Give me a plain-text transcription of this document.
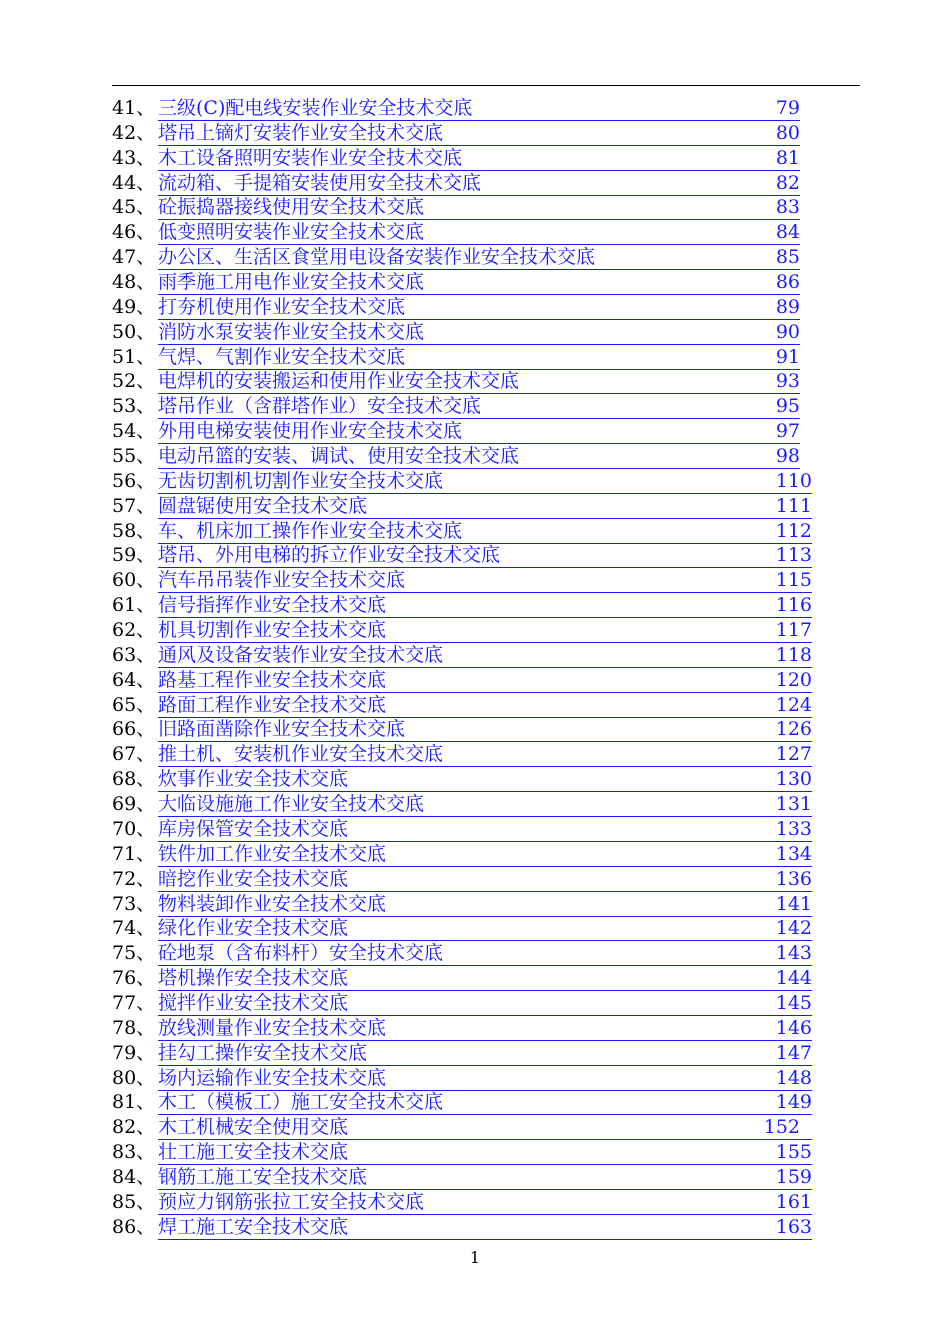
41、 三级(C)配电线安装作业安全技术交底	79
42、 塔吊上镝灯安装作业安全技术交底	80
43、 木工设备照明安装作业安全技术交底	81
44、 流动箱、手提箱安装使用安全技术交底	82
45、 砼振捣器接线使用安全技术交底	83
46、 低变照明安装作业安全技术交底	84
47、 办公区、生活区食堂用电设备安装作业安全技术交底	85
48、 雨季施工用电作业安全技术交底	86
49、 打夯机使用作业安全技术交底	89
50、 消防水泵安装作业安全技术交底	90
51、 气焊、气割作业安全技术交底	91
52、 电焊机的安装搬运和使用作业安全技术交底	93
53、 塔吊作业（含群塔作业）安全技术交底	95
54、 外用电梯安装使用作业安全技术交底	97
55、 电动吊篮的安装、调试、使用安全技术交底	98
56、 无齿切割机切割作业安全技术交底	110
57、 圆盘锯使用安全技术交底	111
58、 车、机床加工操作作业安全技术交底	112
59、 塔吊、外用电梯的拆立作业安全技术交底	113
60、 汽车吊吊装作业安全技术交底	115
61、 信号指挥作业安全技术交底	116
62、 机具切割作业安全技术交底	117
63、 通风及设备安装作业安全技术交底	118
64、 路基工程作业安全技术交底	120
65、 路面工程作业安全技术交底	124
66、 旧路面凿除作业安全技术交底	126
67、 推土机、安装机作业安全技术交底	127
68、 炊事作业安全技术交底	130
69、 大临设施施工作业安全技术交底	131
70、 库房保管安全技术交底	133
71、 铁件加工作业安全技术交底	134
72、 暗挖作业安全技术交底	136
73、 物料装卸作业安全技术交底	141
74、 绿化作业安全技术交底	142
75、 砼地泵（含布料杆）安全技术交底	143
76、 塔机操作安全技术交底	144
77、 搅拌作业安全技术交底	145
78、 放线测量作业安全技术交底	146
79、 挂勾工操作安全技术交底	147
80、 场内运输作业安全技术交底	148
81、 木工（模板工）施工安全技术交底	149
82、 木工机械安全使用交底	152
83、 壮工施工安全技术交底	155
84、 钢筋工施工安全技术交底	159
85、 预应力钢筋张拉工安全技术交底	161
86、 焊工施工安全技术交底	163
1
